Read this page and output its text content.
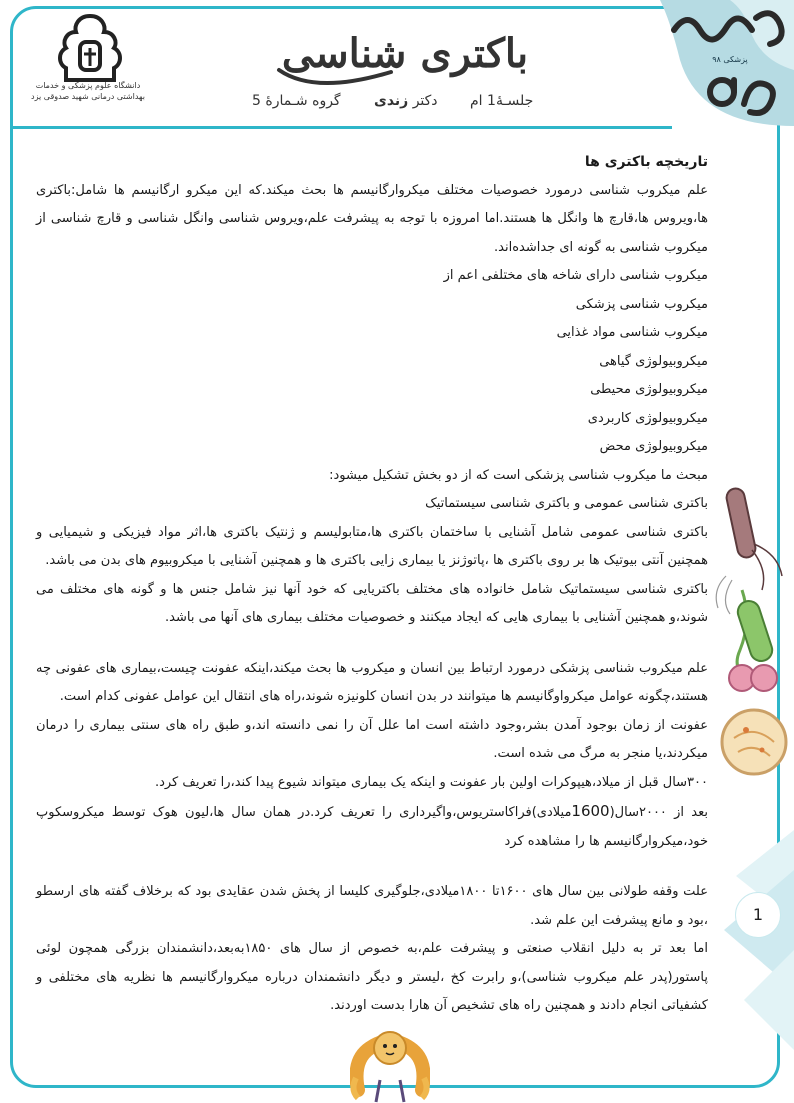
دانشگاه علوم پزشکی و خدمات بهداشتی درمانی شهید صدوقی یزد
باکتری شناسی
جلسـۀ1 ام
دکتر زندی
گروه شـمارۀ 5
پزشکی ۹۸

تاریخچه باکتری ها

علم میکروب شناسی درمورد خصوصیات مختلف میکروارگانیسم ها بحث میکند.که این میکرو ارگانیسم ها شامل:باکتری ها،ویروس ها،قارچ ها وانگل ها هستند.اما امروزه با توجه به پیشرفت علم،ویروس شناسی وانگل شناسی و قارچ شناسی از میکروب شناسی به گونه ای جداشده‌اند.

میکروب شناسی دارای شاخه های مختلفی اعم از

میکروب شناسی پزشکی

میکروب شناسی مواد غذایی

میکروبیولوژی گیاهی

میکروبیولوژی محیطی

میکروبیولوژی کاربردی

میکروبیولوژی محض

مبحث ما میکروب شناسی پزشکی است که از دو بخش تشکیل میشود:

باکتری شناسی عمومی و باکتری شناسی سیستماتیک

باکتری شناسی عمومی شامل آشنایی با ساختمان باکتری ها،متابولیسم و ژنتیک باکتری ها،اثر مواد فیزیکی و شیمیایی و همچنین آنتی بیوتیک ها بر روی باکتری ها ،پاتوژنز یا بیماری زایی باکتری ها و همچنین آشنایی با میکروبیوم های بدن می باشد.

باکتری شناسی سیستماتیک شامل خانواده های مختلف باکتریایی که خود آنها نیز شامل جنس ها و گونه های مختلف می شوند،و همچنین آشنایی با بیماری هایی که ایجاد میکنند و خصوصیات مختلف بیماری های آنها می باشد.

علم میکروب شناسی پزشکی درمورد ارتباط بین انسان و میکروب ها بحث میکند،اینکه عفونت چیست،بیماری های عفونی چه هستند،چگونه عوامل میکرواوگانیسم ها میتوانند در بدن انسان کلونیزه شوند،راه های انتقال این عوامل عفونی کدام است.

عفونت از زمان بوجود آمدن بشر،وجود داشته است اما علل آن را نمی دانسته اند،و طبق راه های سنتی بیماری را درمان میکردند،یا منجر به مرگ می شده است.

۳۰۰سال قبل از میلاد،هیپوکرات اولین بار عفونت و اینکه یک بیماری میتواند شیوع پیدا کند،را تعریف کرد.

بعد از ۲۰۰۰سال(1600میلادی)فراکاستریوس،واگیرداری را تعریف کرد.در همان سال ها،لیون هوک توسط میکروسکوپ خود،میکروارگانیسم ها را مشاهده کرد

علت وقفه طولانی بین سال های ۱۶۰۰تا ۱۸۰۰میلادی،جلوگیری کلیسا از پخش شدن عقایدی بود که برخلاف گفته های ارسطو ،بود و مانع پیشرفت این علم شد.

اما بعد تر به دلیل انقلاب صنعتی و پیشرفت علم،به خصوص از سال های ۱۸۵۰به‌بعد،دانشمندان بزرگی همچون لوئی پاستور(پدر علم میکروب شناسی)،و رابرت کخ ،لیستر و دیگر دانشمندان درباره میکروارگانیسم ها نظریه های مختلفی و کشفیاتی انجام دادند و همچنین راه های تشخیص آن هارا بدست اوردند.

1
